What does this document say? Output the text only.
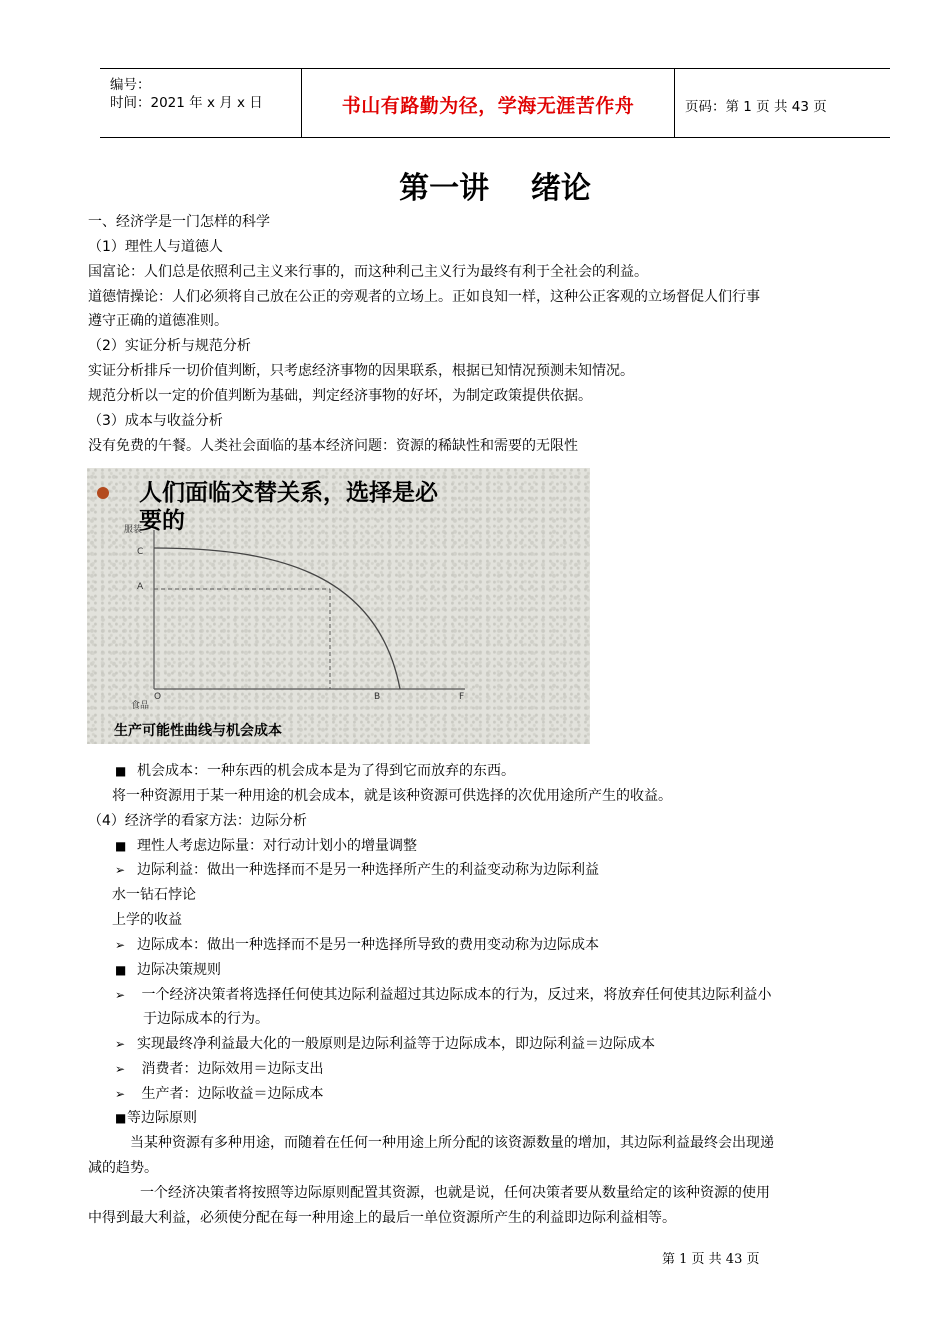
编号：
时间：2021 年 x 月 x 日	书山有路勤为径，学海无涯苦作舟	页码：第 1 页 共 43 页
第一讲    绪论
一、经济学是一门怎样的科学
（1）理性人与道德人
国富论：人们总是依照利己主义来行事的，而这种利己主义行为最终有利于全社会的利益。
道德情操论：人们必须将自己放在公正的旁观者的立场上。正如良知一样，这种公正客观的立场督促人们行事
遵守正确的道德准则。
（2）实证分析与规范分析
实证分析排斥一切价值判断，只考虑经济事物的因果联系，根据已知情况预测未知情况。
规范分析以一定的价值判断为基础，判定经济事物的好坏，为制定政策提供依据。
（3）成本与收益分析
没有免费的午餐。人类社会面临的基本经济问题：资源的稀缺性和需要的无限性
人们面临交替关系，选择是必
要的
服装
C
A
O	B	F
食品
生产可能性曲线与机会成本
■ 机会成本：一种东西的机会成本是为了得到它而放弃的东西。
将一种资源用于某一种用途的机会成本，就是该种资源可供选择的次优用途所产生的收益。
（4）经济学的看家方法：边际分析
■ 理性人考虑边际量：对行动计划小的增量调整
➢ 边际利益：做出一种选择而不是另一种选择所产生的利益变动称为边际利益
水一钻石悖论
上学的收益
➢ 边际成本：做出一种选择而不是另一种选择所导致的费用变动称为边际成本
■ 边际决策规则
➢ 一个经济决策者将选择任何使其边际利益超过其边际成本的行为，反过来，将放弃任何使其边际利益小
于边际成本的行为。
➢ 实现最终净利益最大化的一般原则是边际利益等于边际成本，即边际利益＝边际成本
➢ 消费者：边际效用＝边际支出
➢ 生产者：边际收益＝边际成本
■等边际原则
当某种资源有多种用途，而随着在任何一种用途上所分配的该资源数量的增加，其边际利益最终会出现递
减的趋势。
一个经济决策者将按照等边际原则配置其资源，也就是说，任何决策者要从数量给定的该种资源的使用
中得到最大利益，必须使分配在每一种用途上的最后一单位资源所产生的利益即边际利益相等。
第 1 页 共 43 页
